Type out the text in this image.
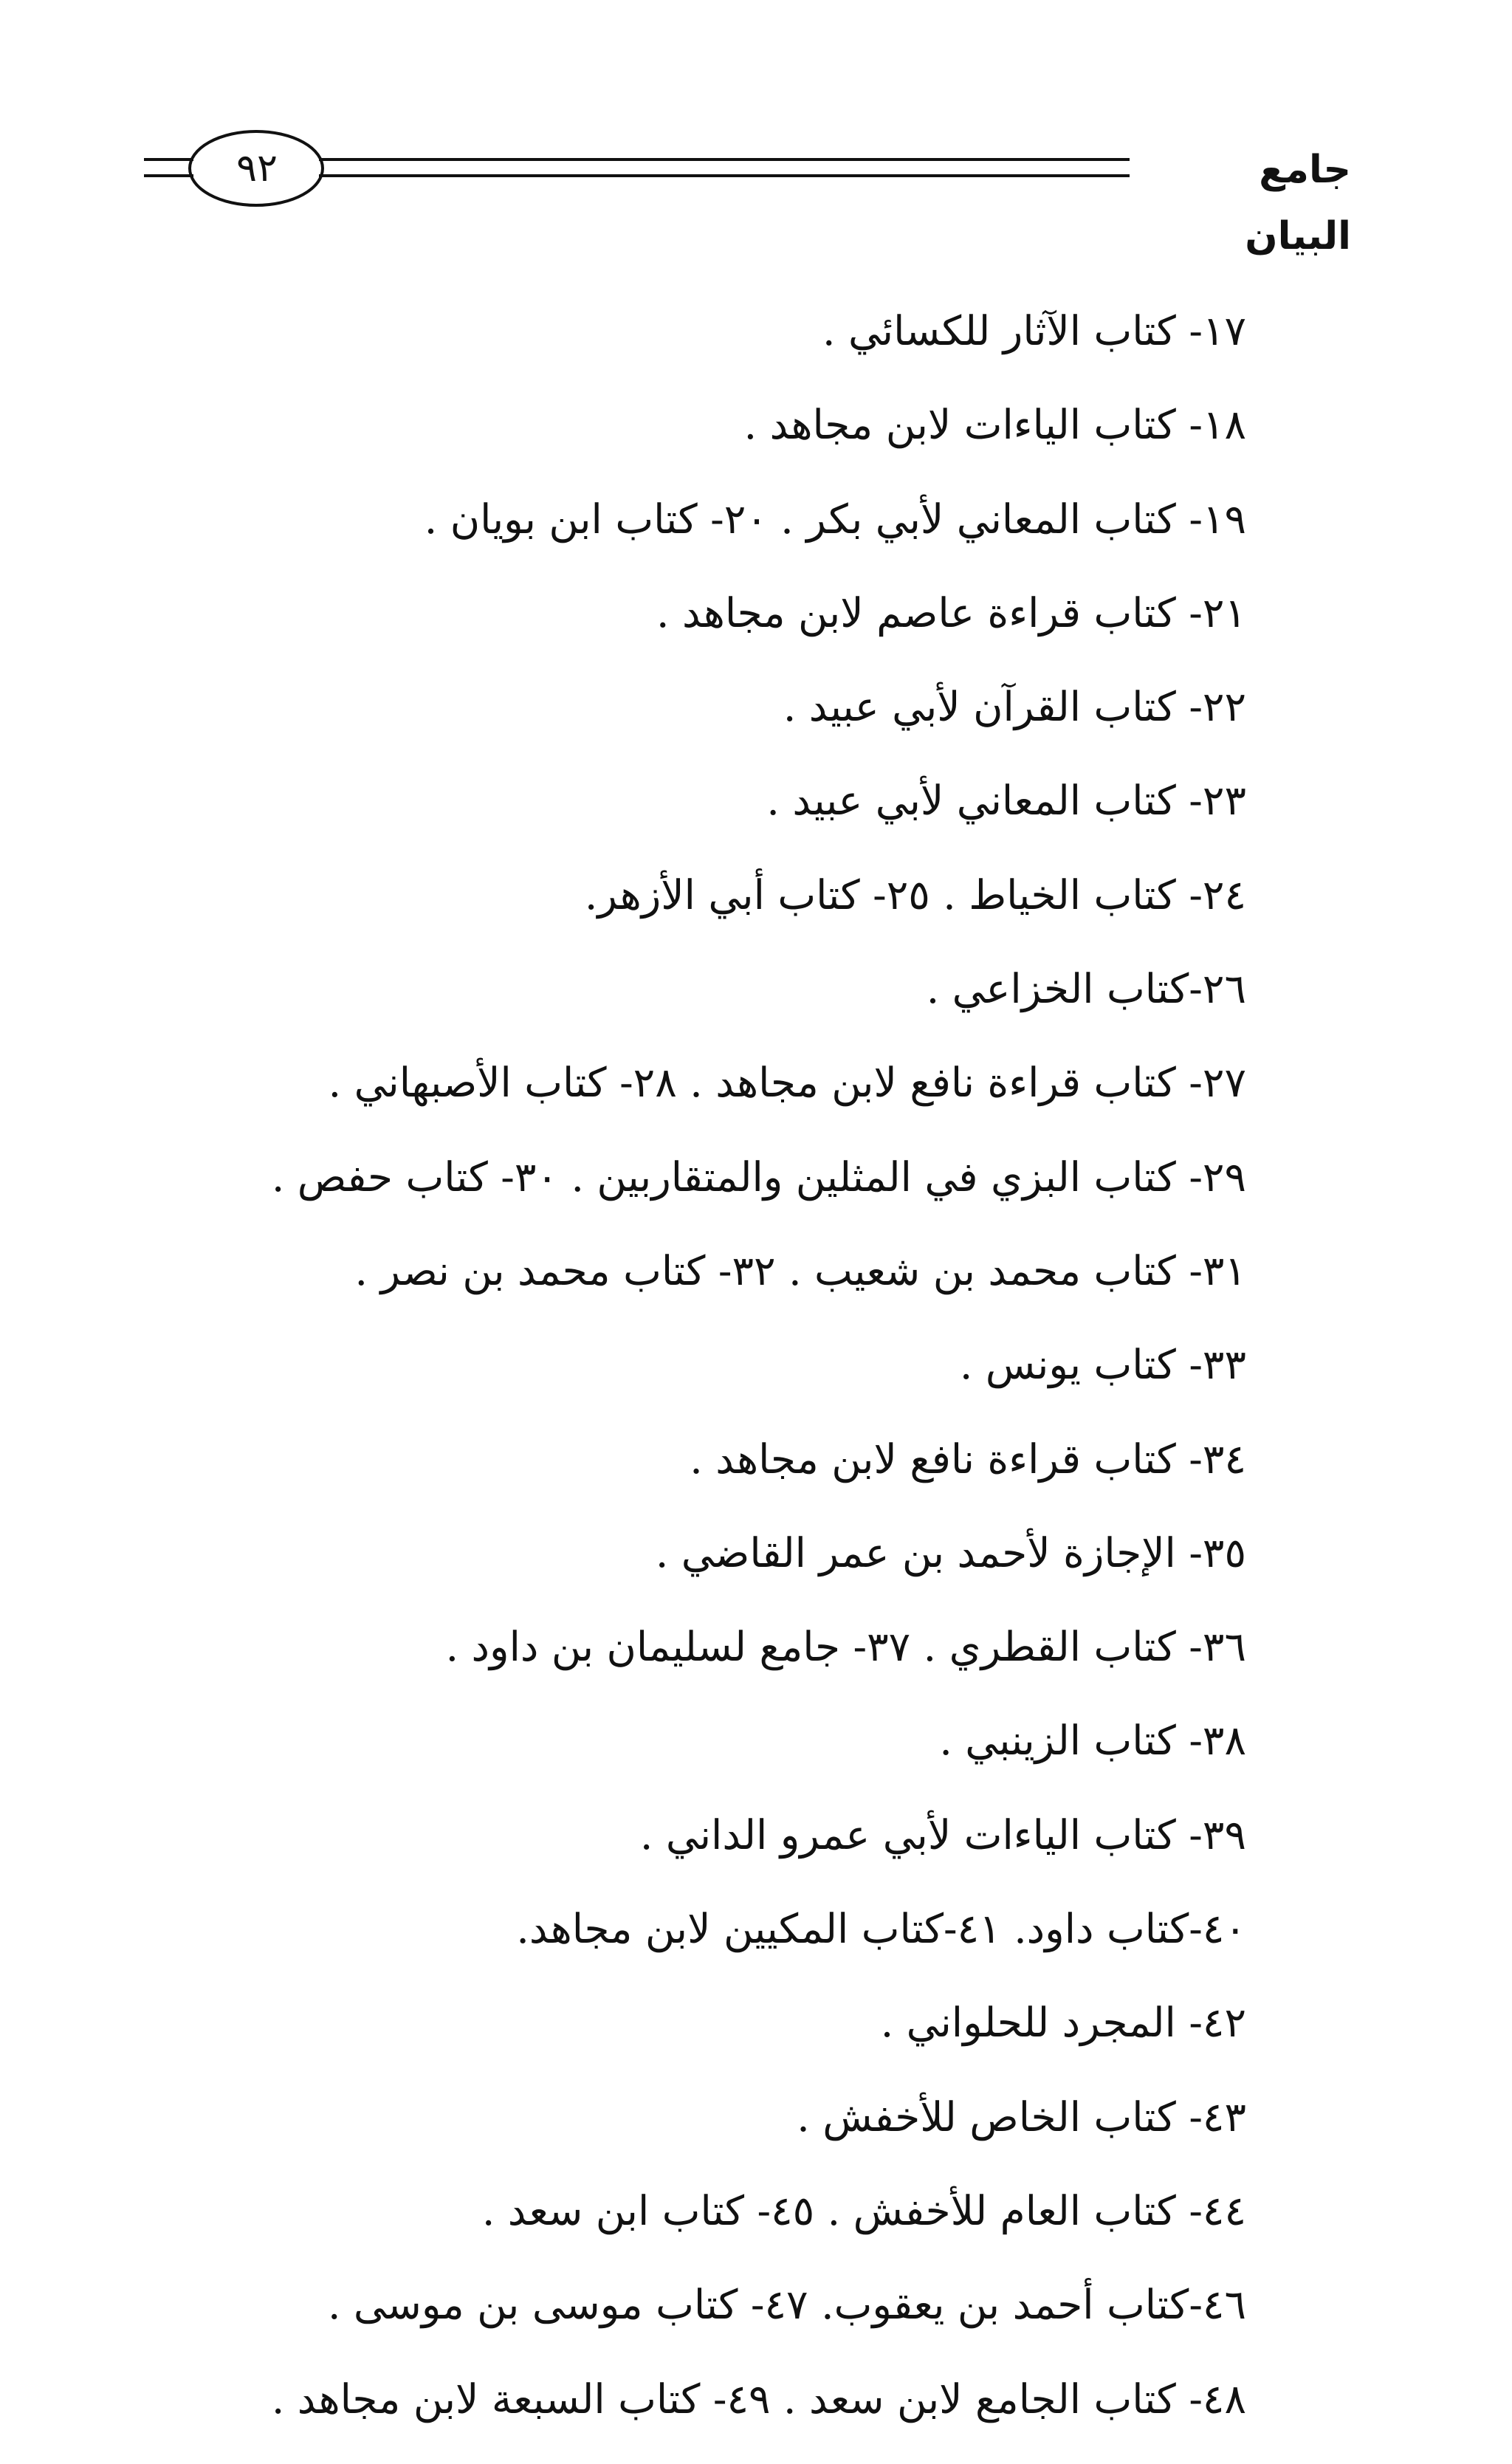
٩٢	جامع البيان
١٧- كتاب الآثار للكسائي .
١٨- كتاب الياءات لابن مجاهد .
١٩- كتاب المعاني لأبي بكر . ٢٠- كتاب ابن بويان .
٢١- كتاب قراءة عاصم لابن مجاهد .
٢٢- كتاب القرآن لأبي عبيد .
٢٣- كتاب المعاني لأبي عبيد .
٢٤- كتاب الخياط . ٢٥- كتاب أبي الأزهر.
٢٦-كتاب الخزاعي .
٢٧- كتاب قراءة نافع لابن مجاهد . ٢٨- كتاب الأصبهاني .
٢٩- كتاب البزي في المثلين والمتقاربين . ٣٠- كتاب حفص .
٣١- كتاب محمد بن شعيب . ٣٢- كتاب محمد بن نصر .
٣٣- كتاب يونس .
٣٤- كتاب قراءة نافع لابن مجاهد .
٣٥- الإجازة لأحمد بن عمر القاضي .
٣٦- كتاب القطري . ٣٧- جامع لسليمان بن داود .
٣٨- كتاب الزينبي .
٣٩- كتاب الياءات لأبي عمرو الداني .
٤٠-كتاب داود. ٤١-كتاب المكيين لابن مجاهد.
٤٢- المجرد للحلواني .
٤٣- كتاب الخاص للأخفش .
٤٤- كتاب العام للأخفش . ٤٥- كتاب ابن سعد .
٤٦-كتاب أحمد بن يعقوب. ٤٧- كتاب موسى بن موسى .
٤٨- كتاب الجامع لابن سعد . ٤٩- كتاب السبعة لابن مجاهد .
